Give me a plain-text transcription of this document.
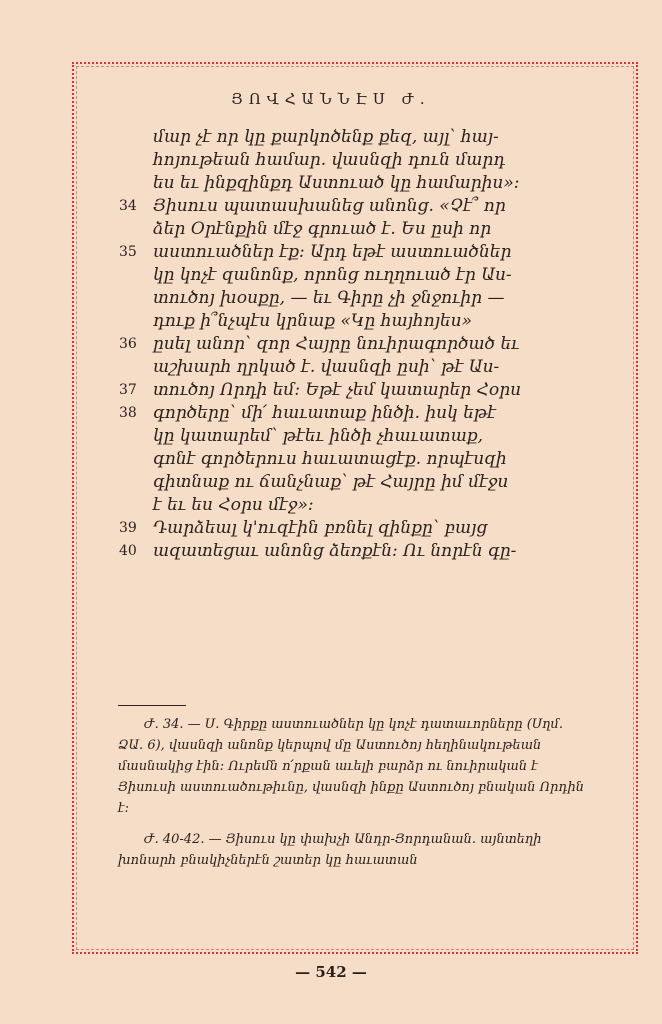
ՅՈՎՀԱՆՆԷՍ Ժ.
մար չէ որ կը քարկոծենք քեզ, այլ՝ հայ-
հոյութեան համար. վասնզի դուն մարդ
ես եւ ինքզինքդ Աստուած կը համարիս»:
34 Յիսուս պատասխանեց անոնց. «Չէ՞ որ
ձեր Օրէնքին մէջ գրուած է. Ես ըսի որ
35 աստուածներ էք: Արդ եթէ աստուածներ
կը կոչէ զանոնք, որոնց ուղղուած էր Աս-
տուծոյ խօսքը, — եւ Գիրը չի ջնջուիր —
դուք ի՞նչպէս կրնաք «Կը հայհոյես»
36 ըսել անոր՝ զոր Հայրը նուիրագործած եւ
աշխարհ ղրկած է. վասնզի ըսի՝ թէ Աս-
37 տուծոյ Որդի եմ: Եթէ չեմ կատարեր Հօրս
38 գործերը՝ մի՛ հաւատաք ինծի. իսկ եթէ
կը կատարեմ՝ թէեւ ինծի չհաւատաք,
գոնէ գործերուս հաւատացէք. որպէսզի
գիտնաք ու ճանչնաք՝ թէ Հայրը իմ մէջս
է եւ ես Հօրս մէջ»:
39 Դարձեալ կ'ուզէին բռնել զինքը՝ բայց
40 ազատեցաւ անոնց ձեռքէն: Ու նորէն գը-

Ժ. 34. — Ս. Գիրքը աստուածներ կը կոչէ դատաւորները (Սղմ. ՁԱ. 6), վասնզի անոնք կերպով մը Աստուծոյ հեղինակութեան մասնակից էին: Ուրեմն ո՛րքան աւելի բարձր ու նուիրական է Յիսուսի աստուածութիւնը, վասնզի ինքը Աստուծոյ բնական Որդին է:

Ժ. 40-42. — Յիսուս կը փախչի Անդր-Յորդանան. այնտեղի խոնարհ բնակիչներէն շատեր կը հաւատան

— 542 —
